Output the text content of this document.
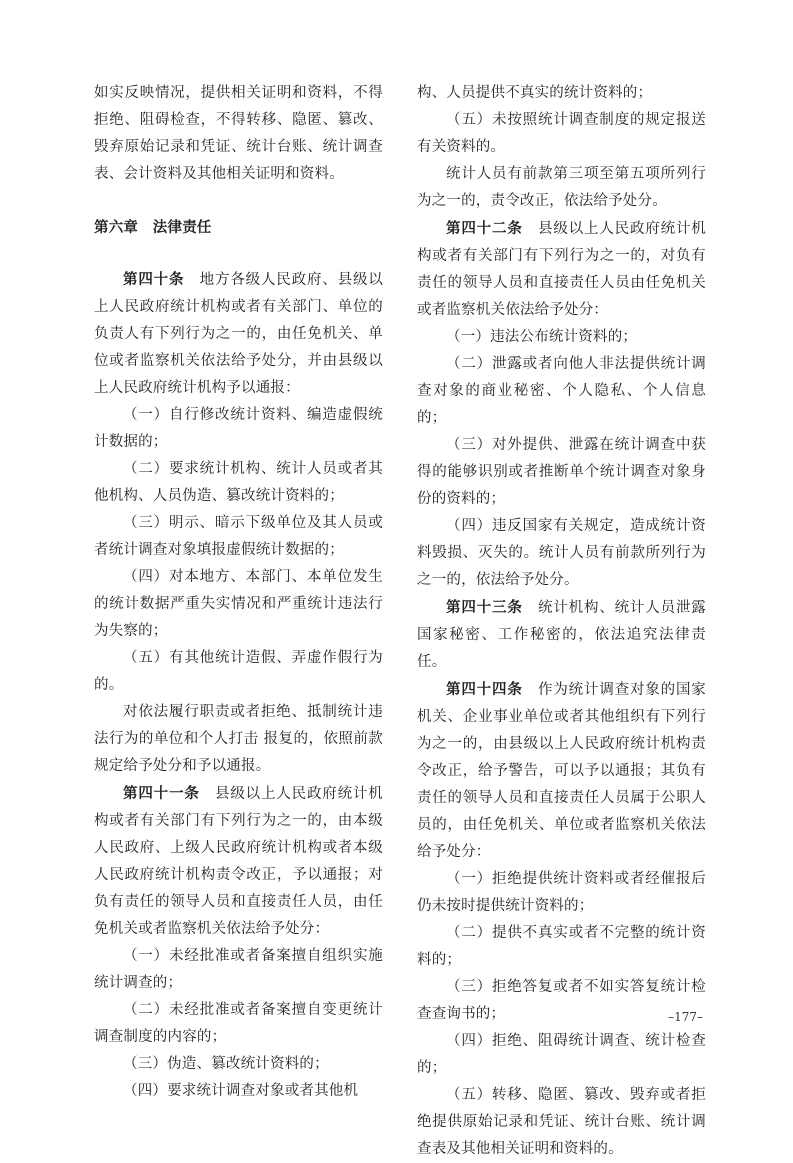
如实反映情况，提供相关证明和资料，不得拒绝、阻碍检查，不得转移、隐匿、篡改、毁弃原始记录和凭证、统计台账、统计调查表、会计资料及其他相关证明和资料。

第六章　法律责任

第四十条  地方各级人民政府、县级以上人民政府统计机构或者有关部门、单位的负责人有下列行为之一的，由任免机关、单位或者监察机关依法给予处分，并由县级以上人民政府统计机构予以通报：

（一）自行修改统计资料、编造虚假统计数据的；

（二）要求统计机构、统计人员或者其他机构、人员伪造、篡改统计资料的；

（三）明示、暗示下级单位及其人员或者统计调查对象填报虚假统计数据的；

（四）对本地方、本部门、本单位发生的统计数据严重失实情况和严重统计违法行为失察的；

（五）有其他统计造假、弄虚作假行为的。

对依法履行职责或者拒绝、抵制统计违法行为的单位和个人打击 报复的，依照前款规定给予处分和予以通报。

第四十一条  县级以上人民政府统计机构或者有关部门有下列行为之一的，由本级人民政府、上级人民政府统计机构或者本级人民政府统计机构责令改正，予以通报；对负有责任的领导人员和直接责任人员，由任免机关或者监察机关依法给予处分：

（一）未经批准或者备案擅自组织实施统计调查的；

（二）未经批准或者备案擅自变更统计调查制度的内容的；

（三）伪造、篡改统计资料的；

（四）要求统计调查对象或者其他机

构、人员提供不真实的统计资料的；

（五）未按照统计调查制度的规定报送有关资料的。

统计人员有前款第三项至第五项所列行为之一的，责令改正，依法给予处分。

第四十二条  县级以上人民政府统计机构或者有关部门有下列行为之一的，对负有责任的领导人员和直接责任人员由任免机关或者监察机关依法给予处分：

（一）违法公布统计资料的；

（二）泄露或者向他人非法提供统计调查对象的商业秘密、个人隐私、个人信息的；

（三）对外提供、泄露在统计调查中获得的能够识别或者推断单个统计调查对象身份的资料的；

（四）违反国家有关规定，造成统计资料毁损、灭失的。统计人员有前款所列行为之一的，依法给予处分。

第四十三条  统计机构、统计人员泄露国家秘密、工作秘密的，依法追究法律责任。

第四十四条  作为统计调查对象的国家机关、企业事业单位或者其他组织有下列行为之一的，由县级以上人民政府统计机构责令改正，给予警告，可以予以通报；其负有责任的领导人员和直接责任人员属于公职人员的，由任免机关、单位或者监察机关依法给予处分：

（一）拒绝提供统计资料或者经催报后仍未按时提供统计资料的；

（二）提供不真实或者不完整的统计资料的；

（三）拒绝答复或者不如实答复统计检查查询书的；

（四）拒绝、阻碍统计调查、统计检查的；

（五）转移、隐匿、篡改、毁弃或者拒绝提供原始记录和凭证、统计台账、统计调查表及其他相关证明和资料的。

–177–
